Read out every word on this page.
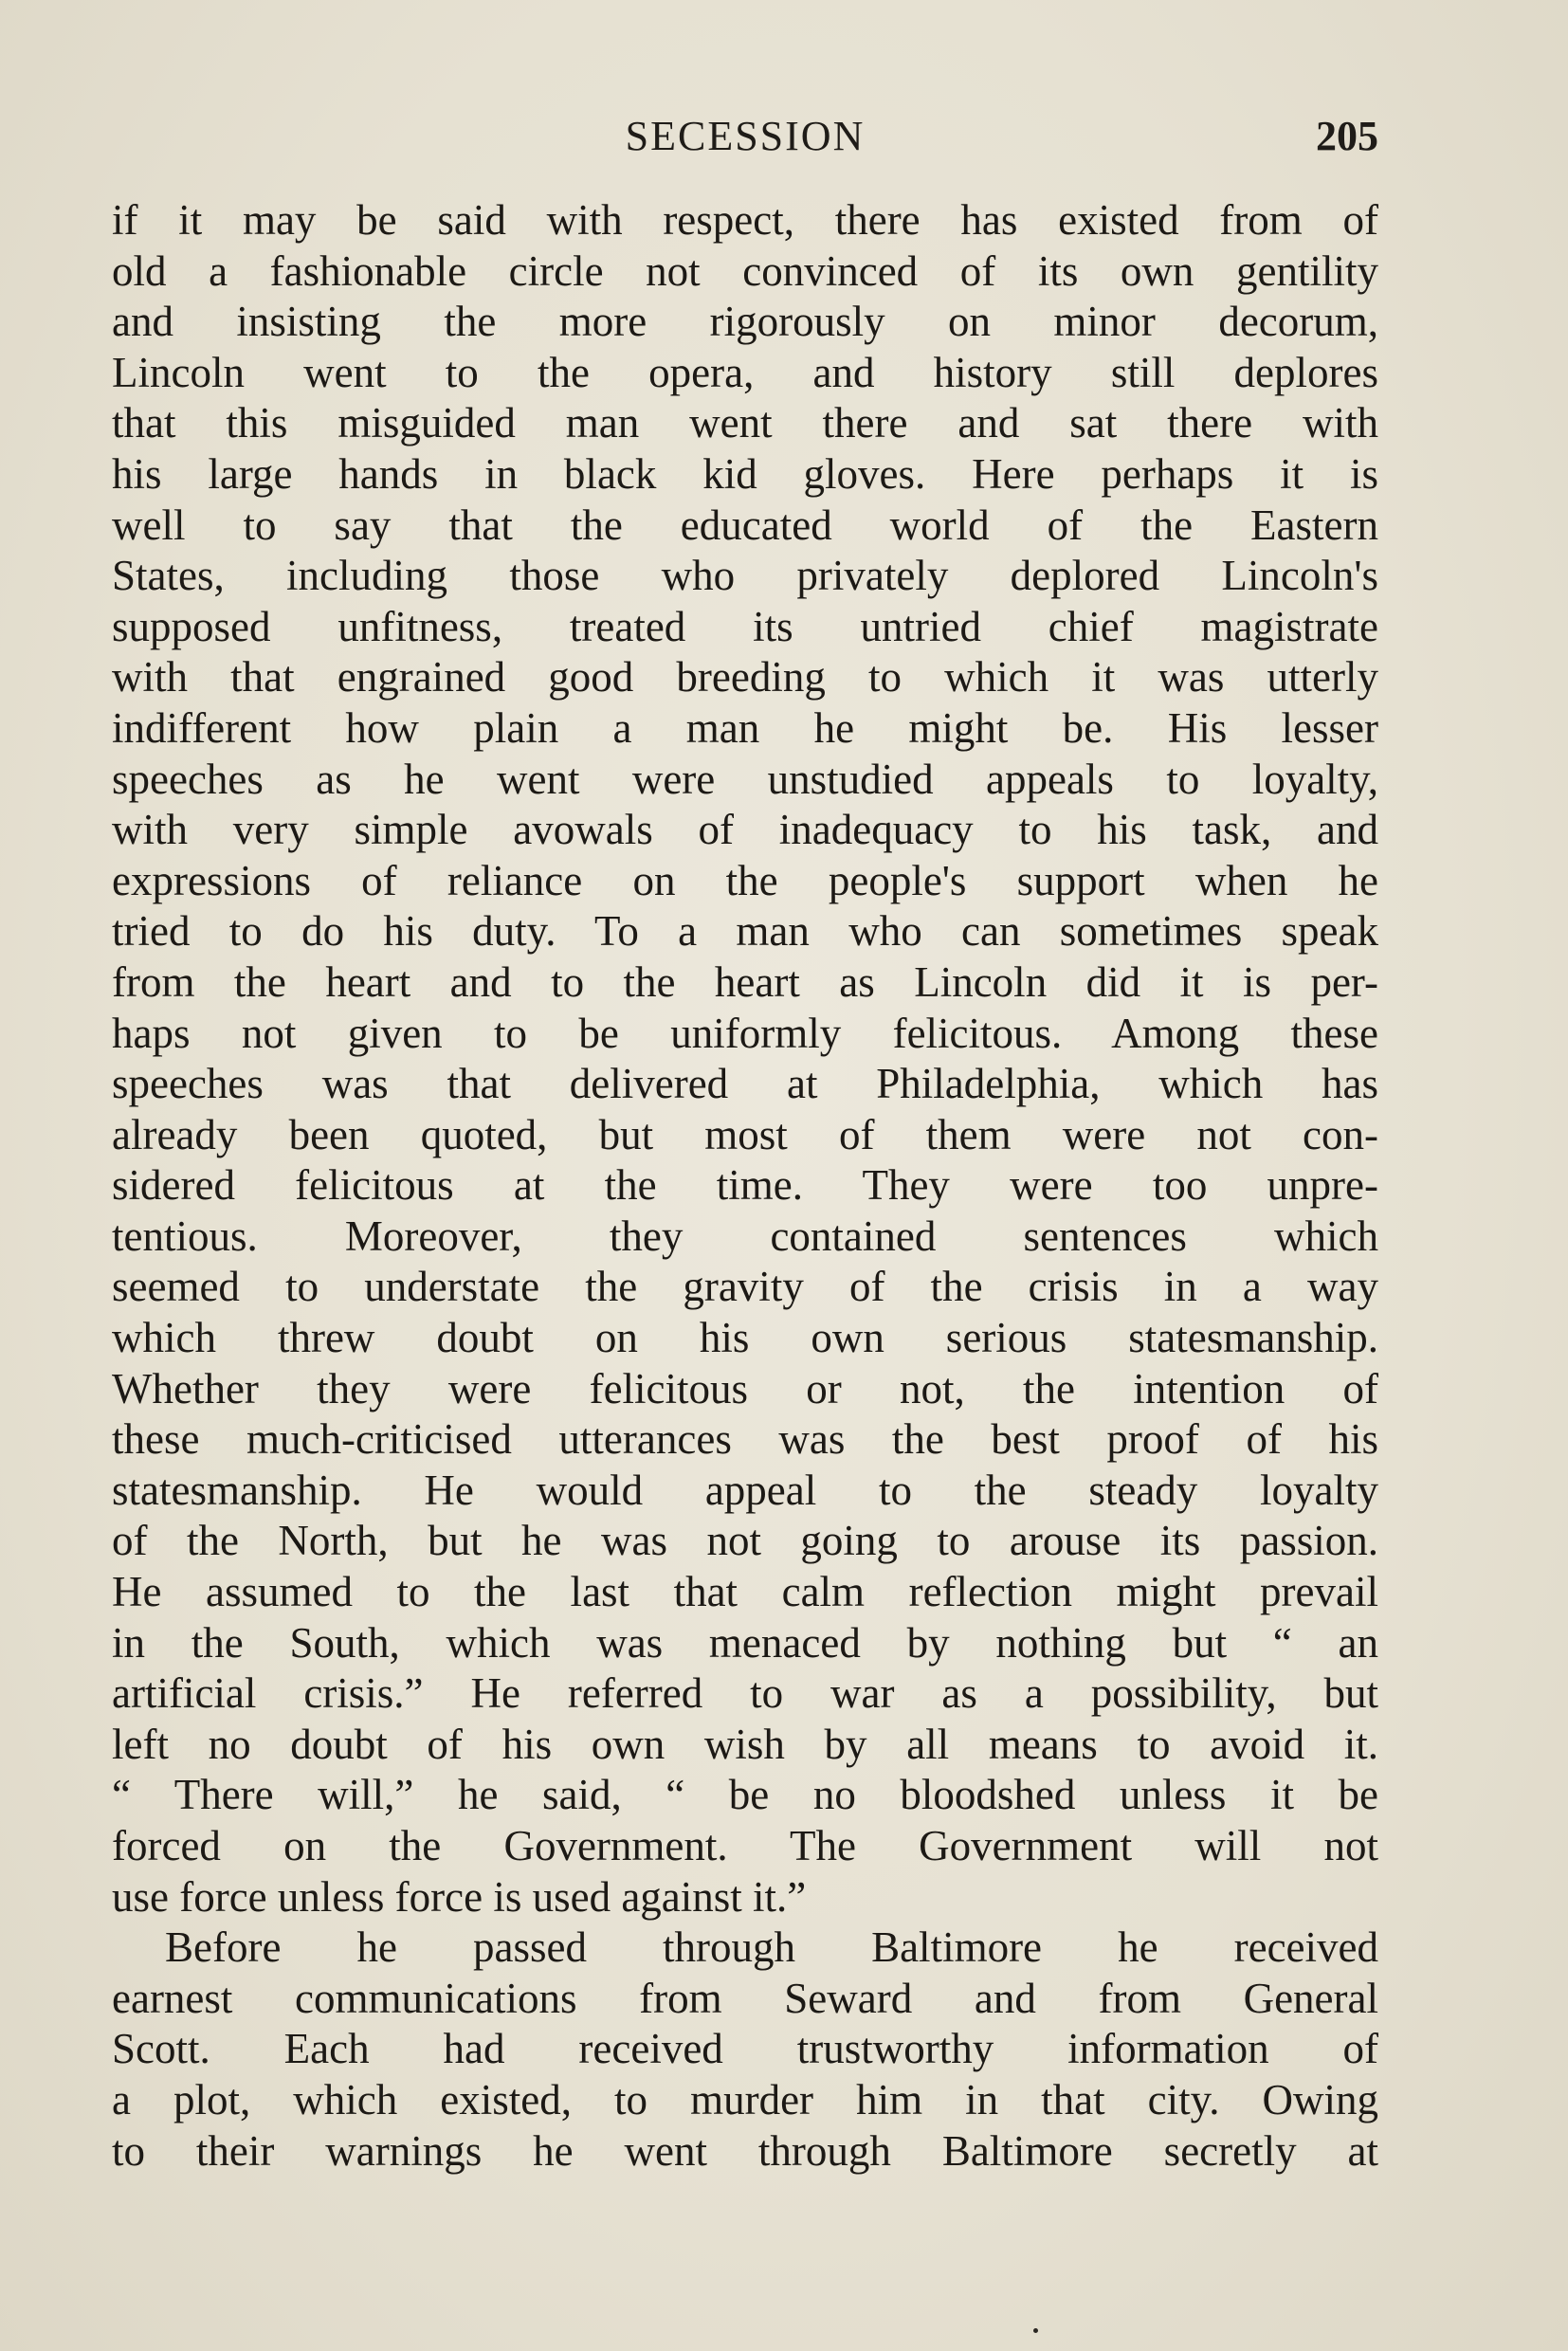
SECESSION	205
if it may be said with respect, there has existed from of
old a fashionable circle not convinced of its own gentility
and insisting the more rigorously on minor decorum,
Lincoln went to the opera, and history still deplores
that this misguided man went there and sat there with
his large hands in black kid gloves. Here perhaps it is
well to say that the educated world of the Eastern
States, including those who privately deplored Lincoln's
supposed unfitness, treated its untried chief magistrate
with that engrained good breeding to which it was utterly
indifferent how plain a man he might be. His lesser
speeches as he went were unstudied appeals to loyalty,
with very simple avowals of inadequacy to his task, and
expressions of reliance on the people's support when he
tried to do his duty. To a man who can sometimes speak
from the heart and to the heart as Lincoln did it is per-
haps not given to be uniformly felicitous. Among these
speeches was that delivered at Philadelphia, which has
already been quoted, but most of them were not con-
sidered felicitous at the time. They were too unpre-
tentious. Moreover, they contained sentences which
seemed to understate the gravity of the crisis in a way
which threw doubt on his own serious statesmanship.
Whether they were felicitous or not, the intention of
these much-criticised utterances was the best proof of his
statesmanship. He would appeal to the steady loyalty
of the North, but he was not going to arouse its passion.
He assumed to the last that calm reflection might prevail
in the South, which was menaced by nothing but “ an
artificial crisis.” He referred to war as a possibility, but
left no doubt of his own wish by all means to avoid it.
“ There will,” he said, “ be no bloodshed unless it be
forced on the Government. The Government will not
use force unless force is used against it.”
Before he passed through Baltimore he received
earnest communications from Seward and from General
Scott. Each had received trustworthy information of
a plot, which existed, to murder him in that city. Owing
to their warnings he went through Baltimore secretly at
